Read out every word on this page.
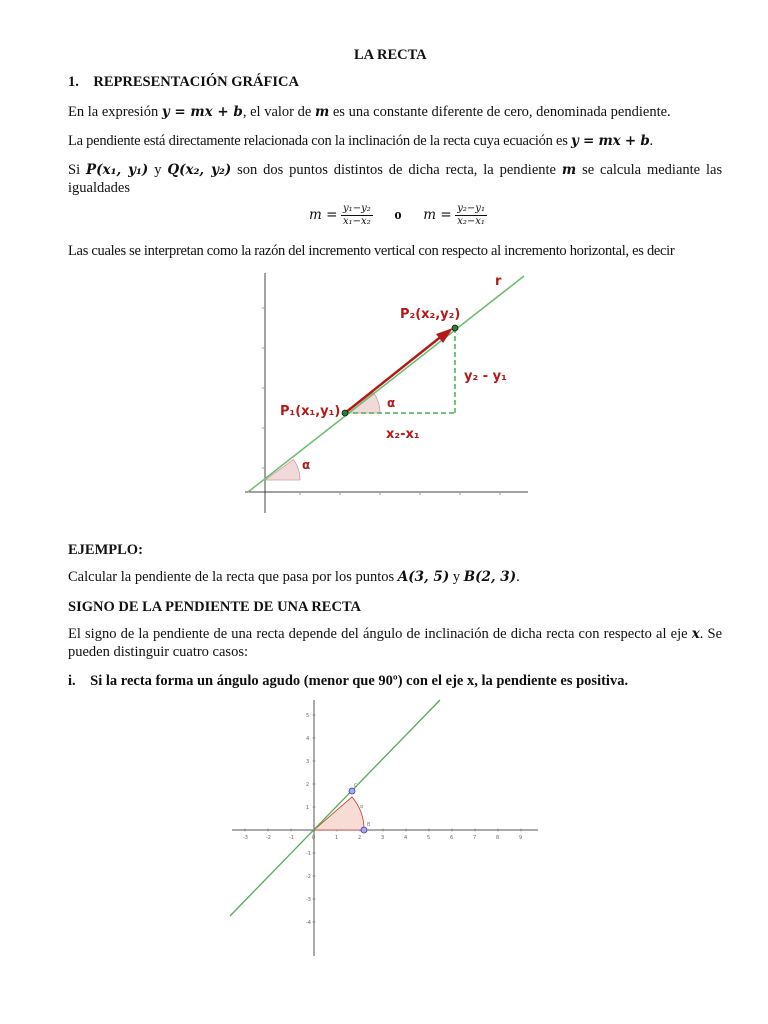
LA RECTA
1. REPRESENTACIÓN GRÁFICA
En la expresión y = mx + b, el valor de m es una constante diferente de cero, denominada pendiente.
La pendiente está directamente relacionada con la inclinación de la recta cuya ecuación es y = mx + b.
Si P(x₁, y₁) y Q(x₂, y₂) son dos puntos distintos de dicha recta, la pendiente m se calcula mediante las
igualdades
$m = \frac{\text{y₁−y₂}}{\text{x₁−x₂}}$ o $m = \frac{\text{y₂−y₁}}{\text{x₂−x₁}}$
Las cuales se interpretan como la razón del incremento vertical con respecto al incremento horizontal, es decir
r
P₂(x₂,y₂)
P₁(x₁,y₁)
y₂ - y₁
x₂-x₁
α
α
EJEMPLO:
Calcular la pendiente de la recta que pasa por los puntos A(3, 5) y B(2, 3).
SIGNO DE LA PENDIENTE DE UNA RECTA
El signo de la pendiente de una recta depende del ángulo de inclinación de dicha recta con respecto al eje x. Se
pueden distinguir cuatro casos:
i. Si la recta forma un ángulo agudo (menor que 90º) con el eje x, la pendiente es positiva.
C
B
α
-3	-2	-1	0	1	2	3	4	5	6	7	8	9
5
4
3
2
1
-1
-2
-3
-4
